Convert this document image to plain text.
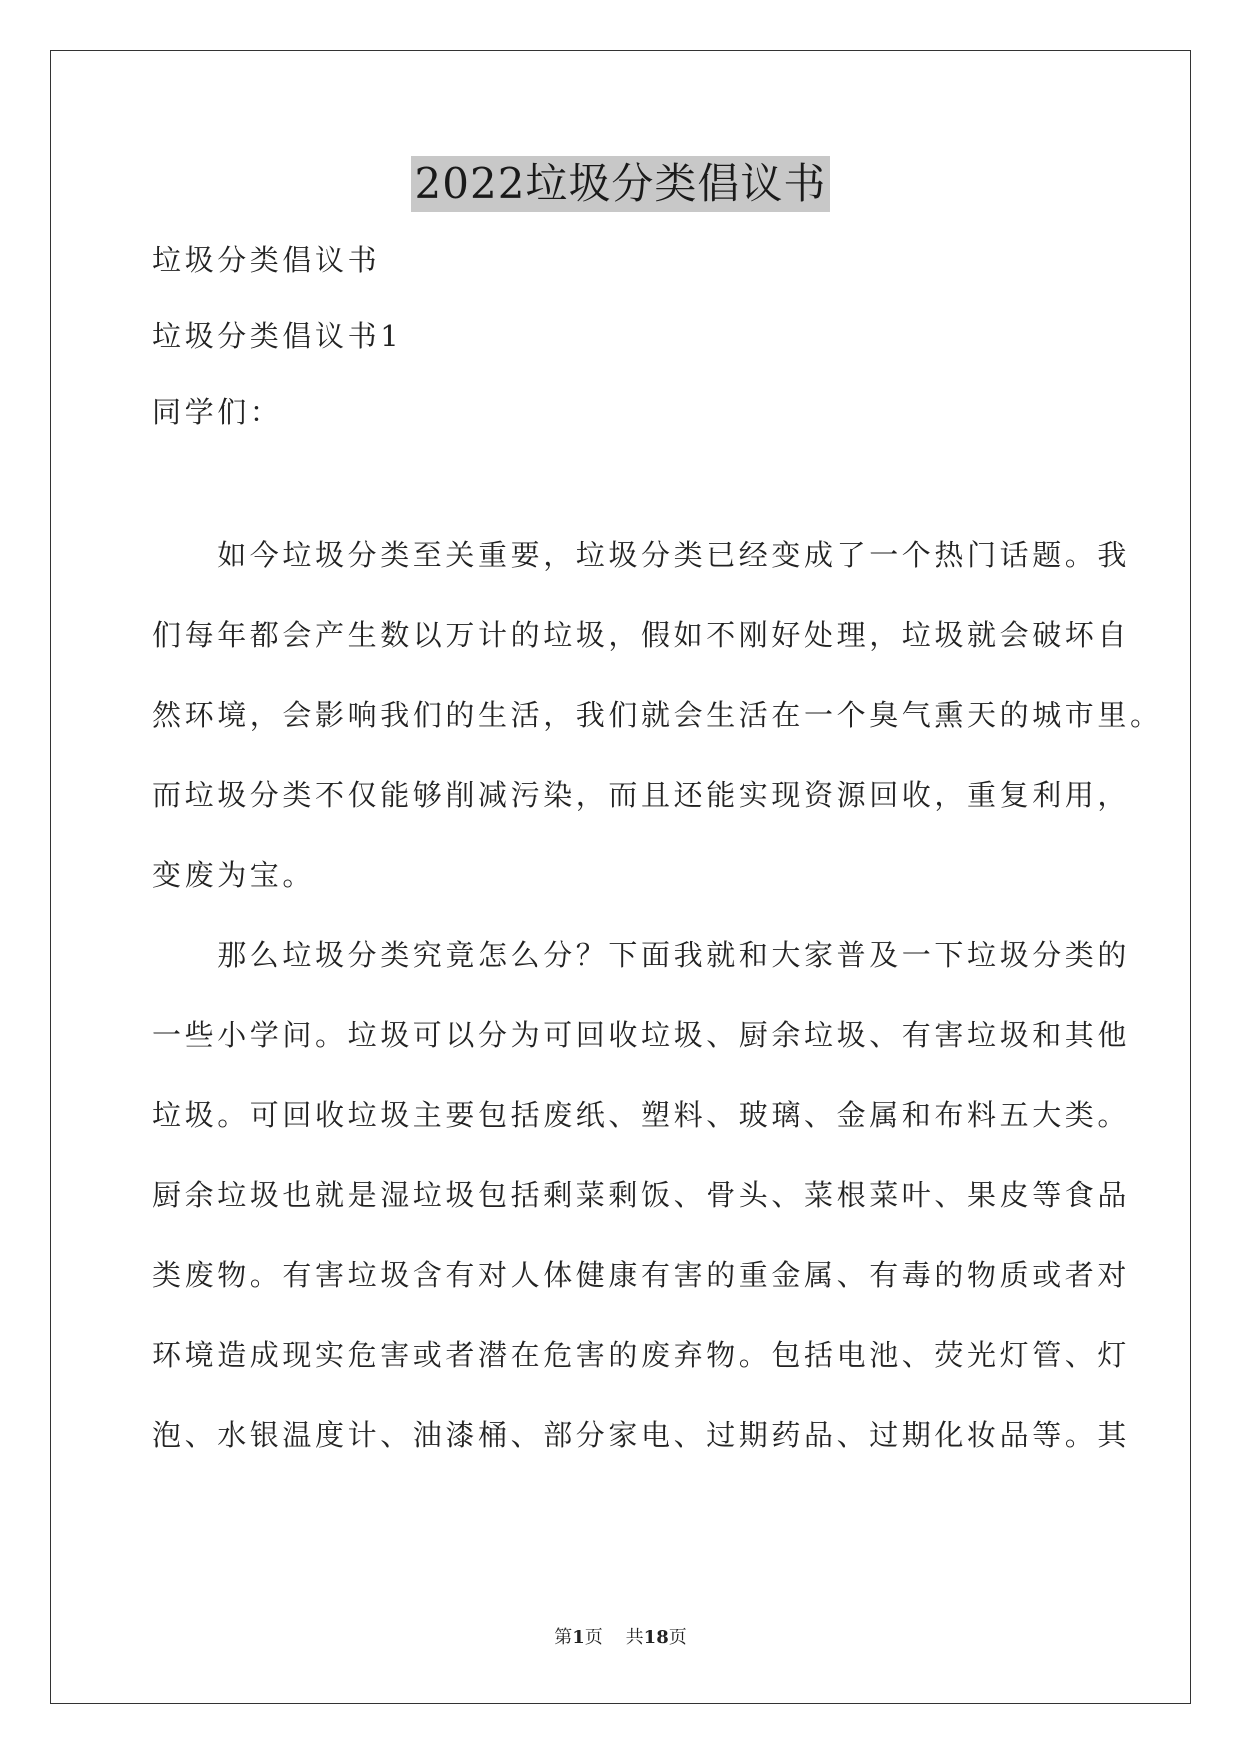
2022垃圾分类倡议书
垃圾分类倡议书
垃圾分类倡议书1
同学们：
　　如今垃圾分类至关重要，垃圾分类已经变成了一个热门话题。我
们每年都会产生数以万计的垃圾，假如不刚好处理，垃圾就会破坏自
然环境，会影响我们的生活，我们就会生活在一个臭气熏天的城市里。
而垃圾分类不仅能够削减污染，而且还能实现资源回收，重复利用，
变废为宝。
　　那么垃圾分类究竟怎么分？下面我就和大家普及一下垃圾分类的
一些小学问。垃圾可以分为可回收垃圾、厨余垃圾、有害垃圾和其他
垃圾。可回收垃圾主要包括废纸、塑料、玻璃、金属和布料五大类。
厨余垃圾也就是湿垃圾包括剩菜剩饭、骨头、菜根菜叶、果皮等食品
类废物。有害垃圾含有对人体健康有害的重金属、有毒的物质或者对
环境造成现实危害或者潜在危害的废弃物。包括电池、荧光灯管、灯
泡、水银温度计、油漆桶、部分家电、过期药品、过期化妆品等。其
第1页 共18页
